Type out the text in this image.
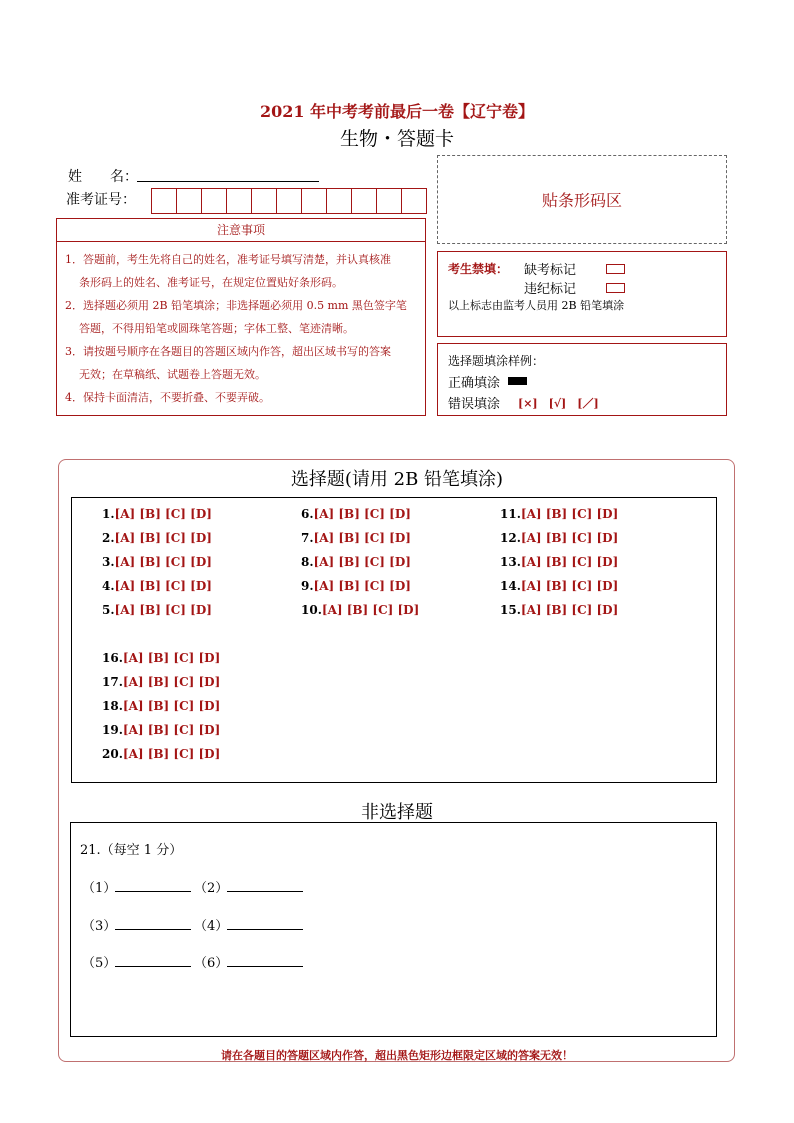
2021 年中考考前最后一卷【辽宁卷】
生物・答题卡
姓　　名：
准考证号：	贴条形码区
注意事项

1．答题前，考生先将自己的姓名，准考证号填写清楚，并认真核准

条形码上的姓名、准考证号，在规定位置贴好条形码。

2．选择题必须用 2B 铅笔填涂；非选择题必须用 0.5 mm 黑色签字笔

答题，不得用铅笔或圆珠笔答题；字体工整、笔迹清晰。

3．请按题号顺序在各题目的答题区域内作答，超出区域书写的答案

无效；在草稿纸、试题卷上答题无效。

4．保持卡面清洁，不要折叠、不要弄破。

考生禁填： 缺考标记
违纪标记
以上标志由监考人员用 2B 铅笔填涂
选择题填涂样例：
正确填涂
错误填涂 [×]　[√]　[／]
选择题(请用 2B 铅笔填涂)
1.[A] [B] [C] [D]
2.[A] [B] [C] [D]
3.[A] [B] [C] [D]
4.[A] [B] [C] [D]
5.[A] [B] [C] [D]
6.[A] [B] [C] [D]
7.[A] [B] [C] [D]
8.[A] [B] [C] [D]
9.[A] [B] [C] [D]
10.[A] [B] [C] [D]
11.[A] [B] [C] [D]
12.[A] [B] [C] [D]
13.[A] [B] [C] [D]
14.[A] [B] [C] [D]
15.[A] [B] [C] [D]
16.[A] [B] [C] [D]
17.[A] [B] [C] [D]
18.[A] [B] [C] [D]
19.[A] [B] [C] [D]
20.[A] [B] [C] [D]
非选择题
21.（每空 1 分）
（1）	（2）
（3）	（4）
（5）	（6）
请在各题目的答题区域内作答，超出黑色矩形边框限定区域的答案无效！
